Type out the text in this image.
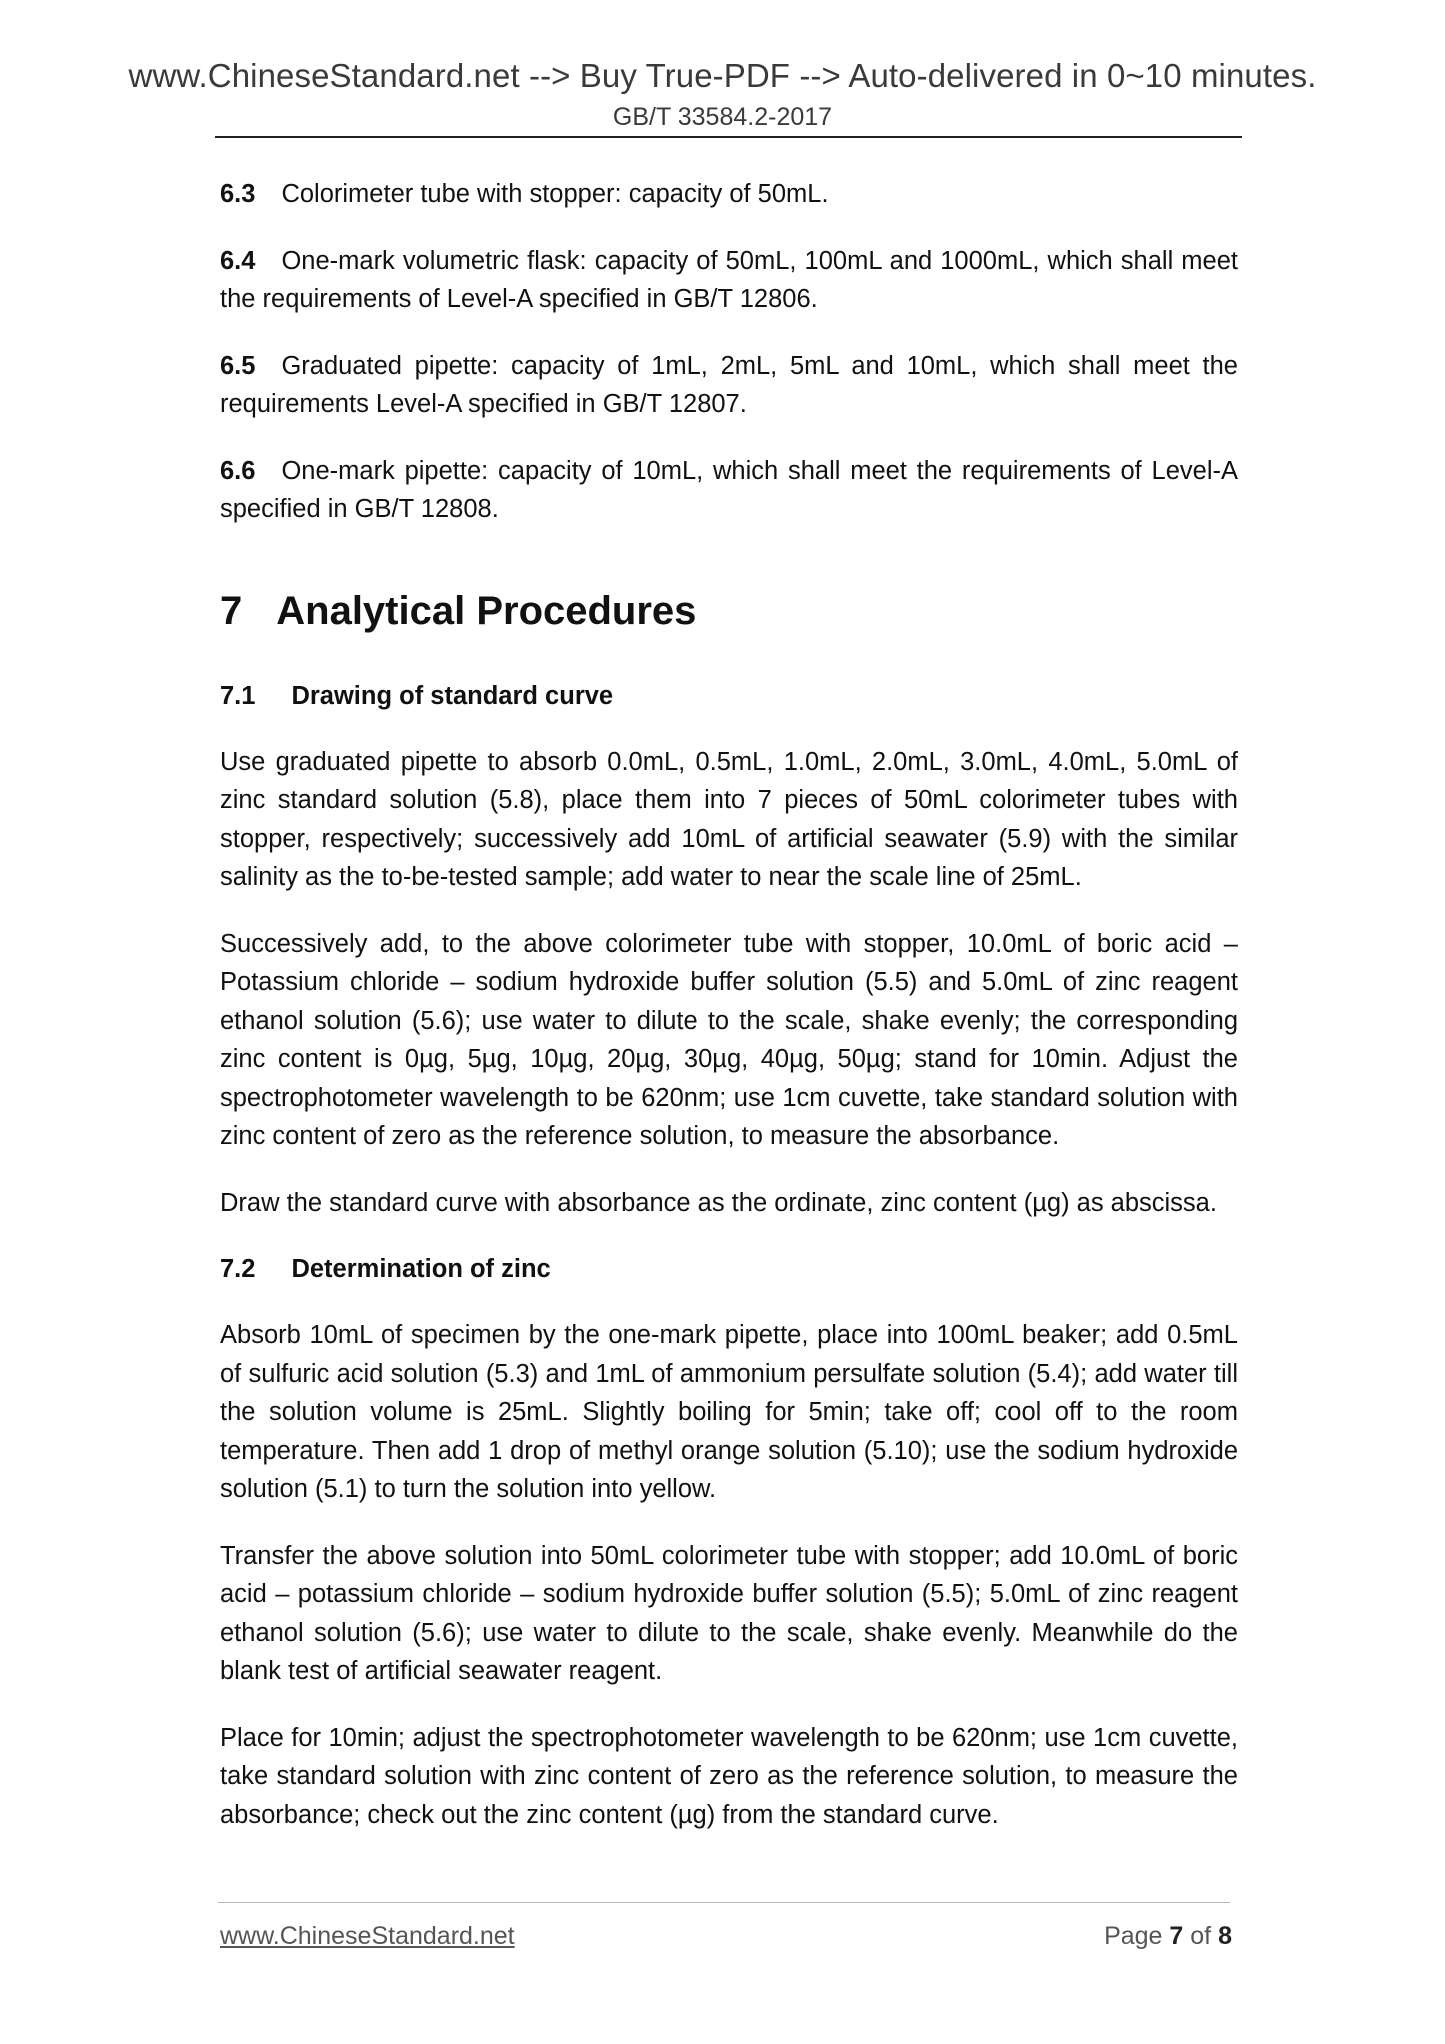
www.ChineseStandard.net --> Buy True-PDF --> Auto-delivered in 0~10 minutes.
GB/T 33584.2-2017

6.3 Colorimeter tube with stopper: capacity of 50mL.

6.4 One-mark volumetric flask: capacity of 50mL, 100mL and 1000mL, which shall meet the requirements of Level-A specified in GB/T 12806.

6.5 Graduated pipette: capacity of 1mL, 2mL, 5mL and 10mL, which shall meet the requirements Level-A specified in GB/T 12807.

6.6 One-mark pipette: capacity of 10mL, which shall meet the requirements of Level-A specified in GB/T 12808.

7 Analytical Procedures
7.1 Drawing of standard curve

Use graduated pipette to absorb 0.0mL, 0.5mL, 1.0mL, 2.0mL, 3.0mL, 4.0mL, 5.0mL of zinc standard solution (5.8), place them into 7 pieces of 50mL colorimeter tubes with stopper, respectively; successively add 10mL of artificial seawater (5.9) with the similar salinity as the to-be-tested sample; add water to near the scale line of 25mL.

Successively add, to the above colorimeter tube with stopper, 10.0mL of boric acid – Potassium chloride – sodium hydroxide buffer solution (5.5) and 5.0mL of zinc reagent ethanol solution (5.6); use water to dilute to the scale, shake evenly; the corresponding zinc content is 0µg, 5µg, 10µg, 20µg, 30µg, 40µg, 50µg; stand for 10min. Adjust the spectrophotometer wavelength to be 620nm; use 1cm cuvette, take standard solution with zinc content of zero as the reference solution, to measure the absorbance.

Draw the standard curve with absorbance as the ordinate, zinc content (µg) as abscissa.

7.2 Determination of zinc

Absorb 10mL of specimen by the one-mark pipette, place into 100mL beaker; add 0.5mL of sulfuric acid solution (5.3) and 1mL of ammonium persulfate solution (5.4); add water till the solution volume is 25mL. Slightly boiling for 5min; take off; cool off to the room temperature. Then add 1 drop of methyl orange solution (5.10); use the sodium hydroxide solution (5.1) to turn the solution into yellow.

Transfer the above solution into 50mL colorimeter tube with stopper; add 10.0mL of boric acid – potassium chloride – sodium hydroxide buffer solution (5.5); 5.0mL of zinc reagent ethanol solution (5.6); use water to dilute to the scale, shake evenly. Meanwhile do the blank test of artificial seawater reagent.

Place for 10min; adjust the spectrophotometer wavelength to be 620nm; use 1cm cuvette, take standard solution with zinc content of zero as the reference solution, to measure the absorbance; check out the zinc content (µg) from the standard curve.

www.ChineseStandard.net	Page 7 of 8
